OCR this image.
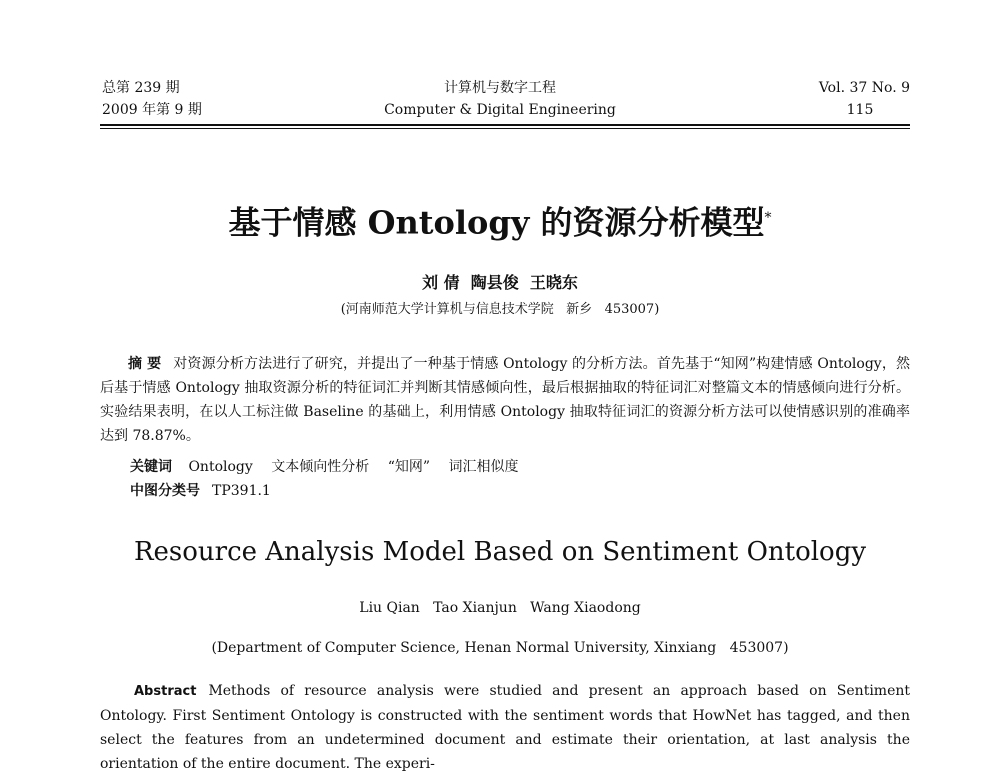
总第 239 期
2009 年第 9 期
计算机与数字工程
Computer & Digital Engineering
Vol. 37 No. 9
115
基于情感 Ontology 的资源分析模型*
刘 倩  陶县俊  王晓东
(河南师范大学计算机与信息技术学院   新乡   453007)
摘 要 对资源分析方法进行了研究，并提出了一种基于情感 Ontology 的分析方法。首先基于“知网”构建情感 Ontology，然后基于情感 Ontology 抽取资源分析的特征词汇并判断其情感倾向性，最后根据抽取的特征词汇对整篇文本的情感倾向进行分析。实验结果表明，在以人工标注做 Baseline 的基础上，利用情感 Ontology 抽取特征词汇的资源分析方法可以使情感识别的准确率达到 78.87%。
关键词 Ontology 文本倾向性分析 “知网” 词汇相似度
中图分类号 TP391.1
Resource Analysis Model Based on Sentiment Ontology
Liu Qian   Tao Xianjun   Wang Xiaodong
(Department of Computer Science, Henan Normal University, Xinxiang   453007)
Abstract Methods of resource analysis were studied and present an approach based on Sentiment Ontology. First Sentiment Ontology is constructed with the sentiment words that HowNet has tagged, and then select the features from an undetermined document and estimate their orientation, at last analysis the orientation of the entire document. The experi-
